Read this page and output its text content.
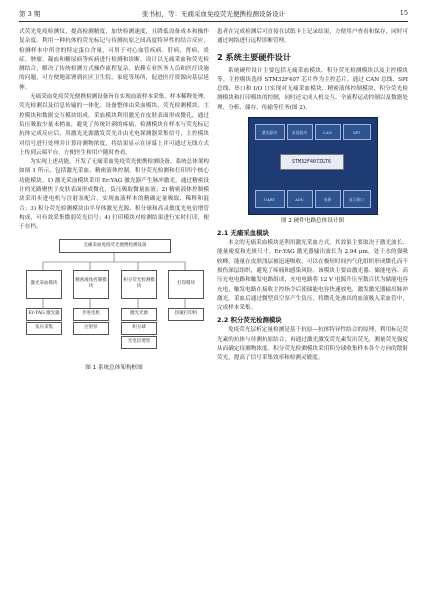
第 3 期	张书桓，等：无痛采血免疫荧光便携检测设备设计	15

式荧光免疫检测仪，提高检测精度，加快检测速度，且降低设备成本和操作复杂度。利用一种抗体的荧光标记与待测抗原之间高度特异性的结合反应，检测样本中所含的特定蛋白含量，可用于对心血管疾病、肝病、肾病、炎症、肿瘤、凝血和糖尿病等疾病进行检测和诊断。设计以无痛采血和荧光检测结合，解决了传统检测方式操作流程复杂、依赖专业医务人员和医疗设施的问题，可方便地部署到社区卫生院、家庭等场所，促进医疗资源向基层延伸。

无痛采血免疫荧光便携检测设备旨在实现血液样本采集、样本稀释处理、荧光检测以及信息传输的一体化。设备整体由采血模块、荧光检测模块、主控模块和数据交互模块组成。采血模块利用激光在皮肤表面形成微孔，通过负压吸取少量末梢血，避免了传统针刺的疼痛。检测模块在样本与荧光标记抗体完成反应后，用激光光源激发荧光并由光电探测器采集信号，主控模块对信号进行处理并计算待测物浓度，将结果显示在屏幕上并可通过无线方式上传到云端平台，方便医生和用户随时查看。

为实现上述功能，开发了无痛采血免疫荧光便携检测设备，系统总体架构如图 1 所示，包括激光采血、精密液体控制、积分荧光检测和打印四个核心功能模块。1) 激光采血模块采用 Er:YAG 激光器产生脉冲激光，通过精密设计的光路聚焦于皮肤表面形成微孔，负压吸取微量血液；2) 精密液体控制模块采用步进电机与注射泵配合，实现血液样本的精确定量吸取、稀释和混合；3) 积分荧光检测模块由半导体激光光源、积分球和高灵敏度光电倍增管构成，可有效采集微弱荧光信号；4) 打印模块对检测结果进行实时打印，便于存档。

无痛采血免疫荧光便携检测设备
激光采血模块
精密液体控制模块
积分荧光检测模块
打印模块
Er:YAG 激光器
负压采集
步进电机
注射泵
激光光源
积分球
光电倍增管
热敏打印机
图 1 系统总体架构框图

患者在完成检测后可直接在试纸卡上记录结果，方便用户查看和保存，同时可通过网络进行远程诊断管理。

2 系统主要硬件设计

系统硬件设计主要包括无痛采血模块、积分荧光检测模块以及主控模块等。主控模块选择 STM32F407 芯片作为主控芯片，通过 CAN 总线、SPI 总线、串口和 I/O 口实现对无痛采血模块、精密液体控制模块、积分荧光检测模块和打印模块的控制，同时还完成人机交互、全流程运动控制以及数据处理、分析、储存、传输等任务(图 2)。

激光驱动	步进驱动	CAN	SPI
STM32F407ZGT6
UART	ADC	电源	显示接口
图 2 硬件电路总体设计图
2.1 无痛采血模块

本文的无痛采血模块是利用激光采血方式，其效果主要取决于激光波长、能量密度和光斑尺寸。Er:YAG 激光器输出波长为 2.94 μm，处于水的强吸收峰，能量在皮肤浅层被迅速吸收，可以在极短时间内气化组织形成微孔而不损伤深层组织，避免了疼痛和感染风险。该模块主要由激光器、储能电容、高压充电电路和触发电路组成，充电电路将 12 V 电源升压至数百伏为储能电容充电，触发电路在接收主控指令后使储能电容快速放电，激发激光器输出脉冲激光。采血后通过微型真空泵产生负压，将微孔处渗出的血液吸入采血管中，完成样本采集。

2.2 积分荧光检测模块

免疫荧光层析定量检测是基于抗原—抗体特异性结合的原理，利用标记荧光素的抗体与待测抗原结合，再通过激光激发荧光素发出荧光，测量荧光强度从而确定待测物浓度。积分荧光检测模块采用积分球收集样本各个方向的散射荧光，提高了信号采集效率和检测灵敏度。
